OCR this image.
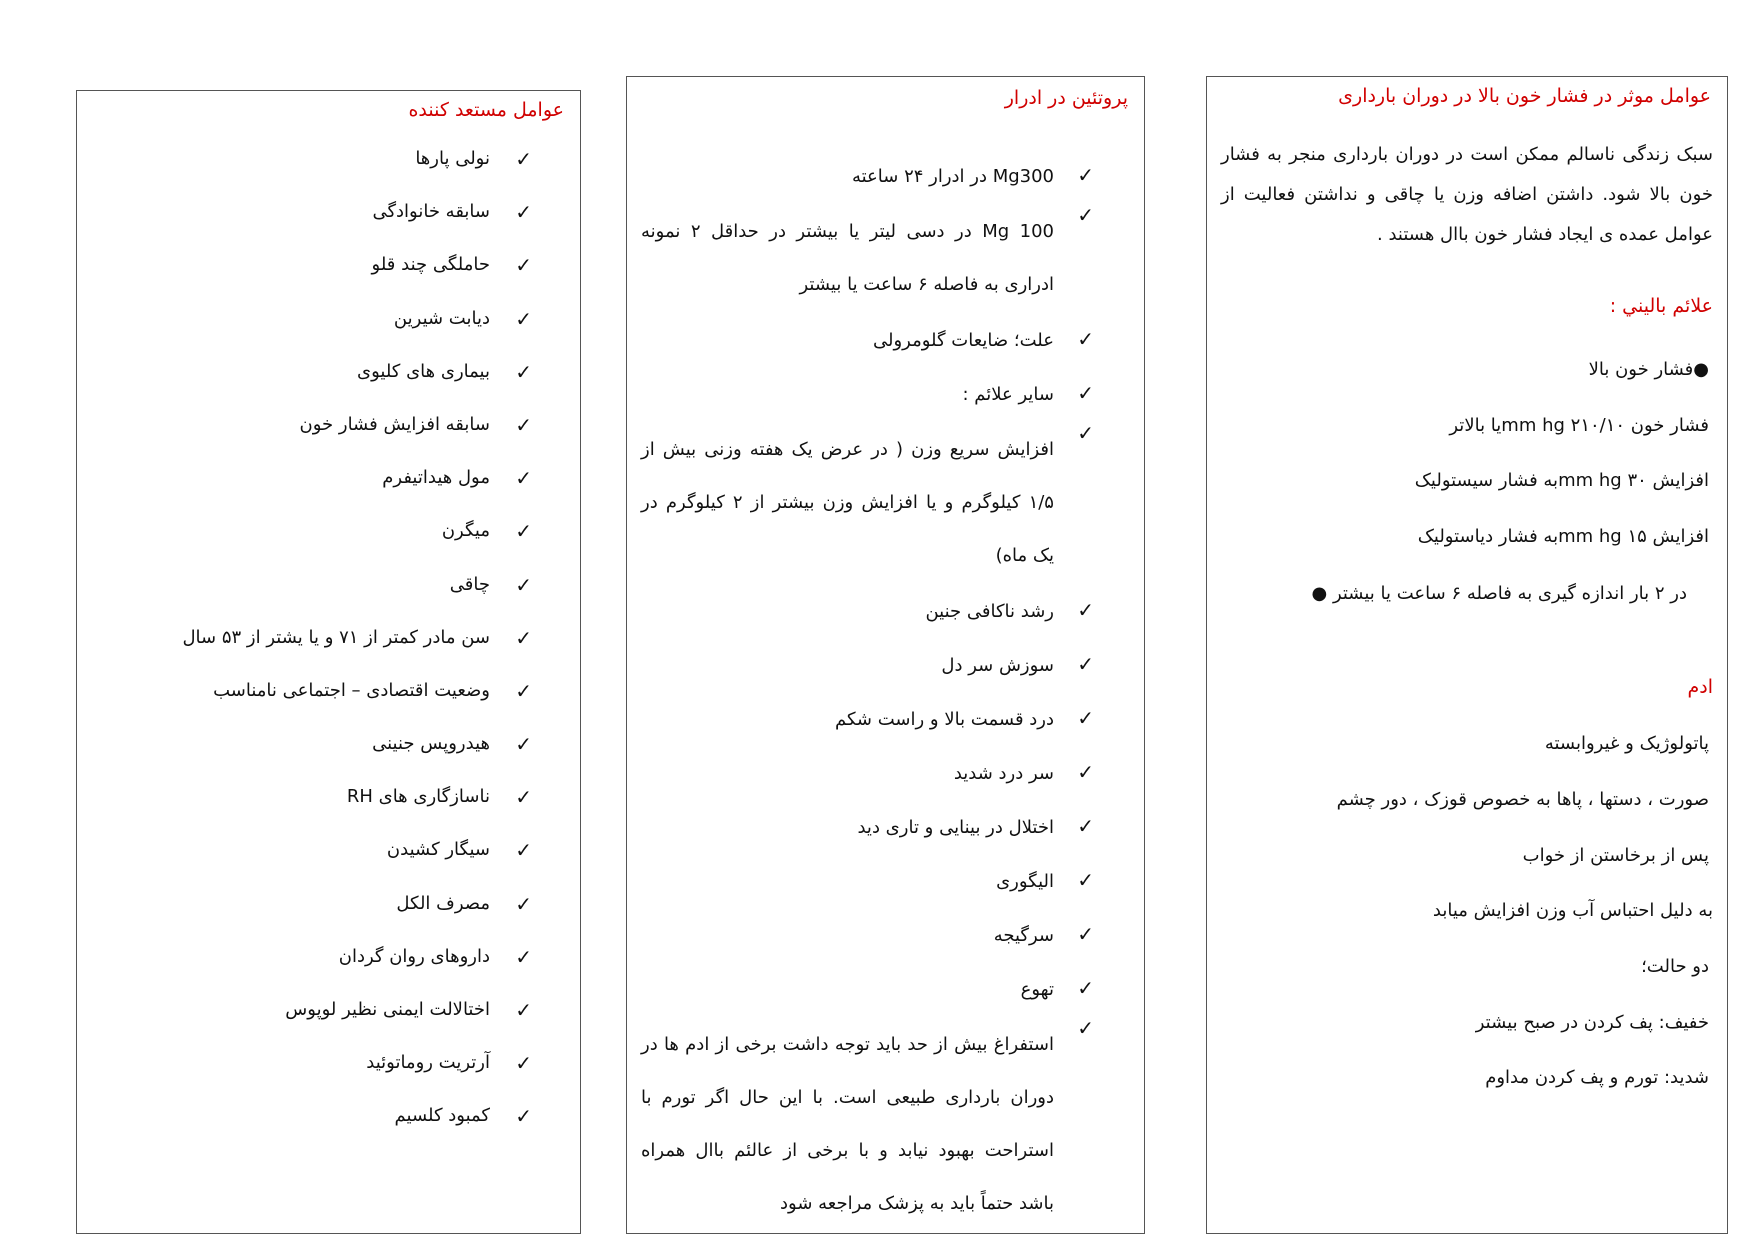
عوامل مستعد کننده
✓
نولی پارها
✓
سابقه خانوادگی
✓
حاملگی چند قلو
✓
دیابت شیرین
✓
بیماری های کلیوی
✓
سابقه افزایش فشار خون
✓
مول هیداتیفرم
✓
میگرن
✓
چاقی
✓
سن مادر کمتر از ۷۱ و یا یشتر از ۵۳ سال
✓
وضعیت اقتصادی – اجتماعی نامناسب
✓
هیدروپس جنینی
✓
ناسازگاری های RH
✓
سیگار کشیدن
✓
مصرف الکل
✓
داروهای روان گردان
✓
اختالالت ایمنی نظیر لوپوس
✓
آرتریت روماتوئید
✓
کمبود کلسیم
پروتئین در ادرار
✓
Mg300 در ادرار ۲۴ ساعته
✓
Mg 100 در دسی لیتر یا بیشتر در حداقل ۲ نمونه ادراری به فاصله ۶ ساعت یا بیشتر
✓
علت؛ ضایعات گلومرولی
✓
سایر علائم :
✓
افزایش سریع وزن ( در عرض یک هفته وزنی بیش از ۱/۵ کیلوگرم و یا افزایش وزن بیشتر از ۲ کیلوگرم در یک ماه)
✓
رشد ناکافی جنین
✓
سوزش سر دل
✓
درد قسمت بالا و راست شکم
✓
سر درد شدید
✓
اختلال در بینایی و تاری دید
✓
الیگوری
✓
سرگیجه
✓
تهوع
✓
استفراغ بیش از حد باید توجه داشت برخی از ادم ها در دوران بارداری طبیعی است. با این حال اگر تورم با استراحت بهبود نیابد و با برخی از عالئم باال همراه باشد حتماً باید به پزشک مراجعه شود
عوامل موثر در فشار خون بالا در دوران بارداری
سبک زندگی ناسالم ممکن است در دوران بارداری منجر به فشار خون بالا شود. داشتن اضافه وزن یا چاقی و نداشتن فعالیت از عوامل عمده ی ایجاد فشار خون باال هستند .
علائم باليني :
●فشار خون بالا
فشار خون ۲۱۰/۱۰ mm hgیا بالاتر
افزایش ۳۰ mm hgبه فشار سیستولیک
افزایش ۱۵ mm hgبه فشار دیاستولیک
در ۲ بار اندازه گیری به فاصله ۶ ساعت یا بیشتر ●
ادم
پاتولوژیک و غیروابسته
صورت ، دستها ، پاها به خصوص قوزک ، دور چشم
پس از برخاستن از خواب
به دلیل احتباس آب وزن افزایش میابد
دو حالت؛
خفیف: پف کردن در صبح بیشتر
شدید: تورم و پف کردن مداوم
